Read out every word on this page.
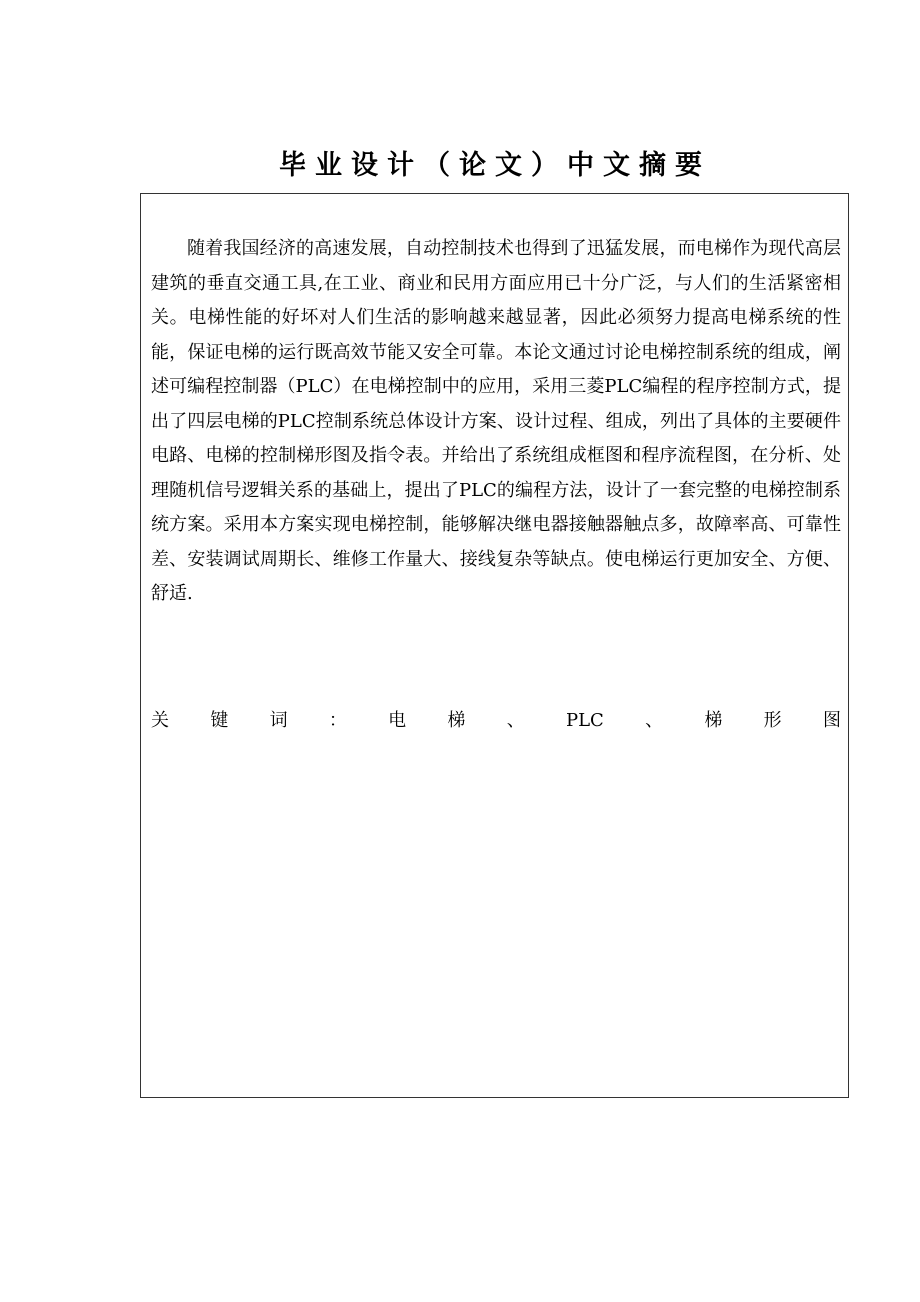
毕业设计（论文）中文摘要

随着我国经济的高速发展，自动控制技术也得到了迅猛发展，而电梯作为现代高层建筑的垂直交通工具,在工业、商业和民用方面应用已十分广泛，与人们的生活紧密相关。电梯性能的好坏对人们生活的影响越来越显著，因此必须努力提高电梯系统的性能，保证电梯的运行既高效节能又安全可靠。本论文通过讨论电梯控制系统的组成，阐述可编程控制器（PLC）在电梯控制中的应用，采用三菱PLC编程的程序控制方式，提出了四层电梯的PLC控制系统总体设计方案、设计过程、组成，列出了具体的主要硬件电路、电梯的控制梯形图及指令表。并给出了系统组成框图和程序流程图，在分析、处理随机信号逻辑关系的基础上，提出了PLC的编程方法，设计了一套完整的电梯控制系统方案。采用本方案实现电梯控制，能够解决继电器接触器触点多，故障率高、可靠性差、安装调试周期长、维修工作量大、接线复杂等缺点。使电梯运行更加安全、方便、舒适.

关 键 词 ： 电 梯 、 PLC 、 梯 形 图
